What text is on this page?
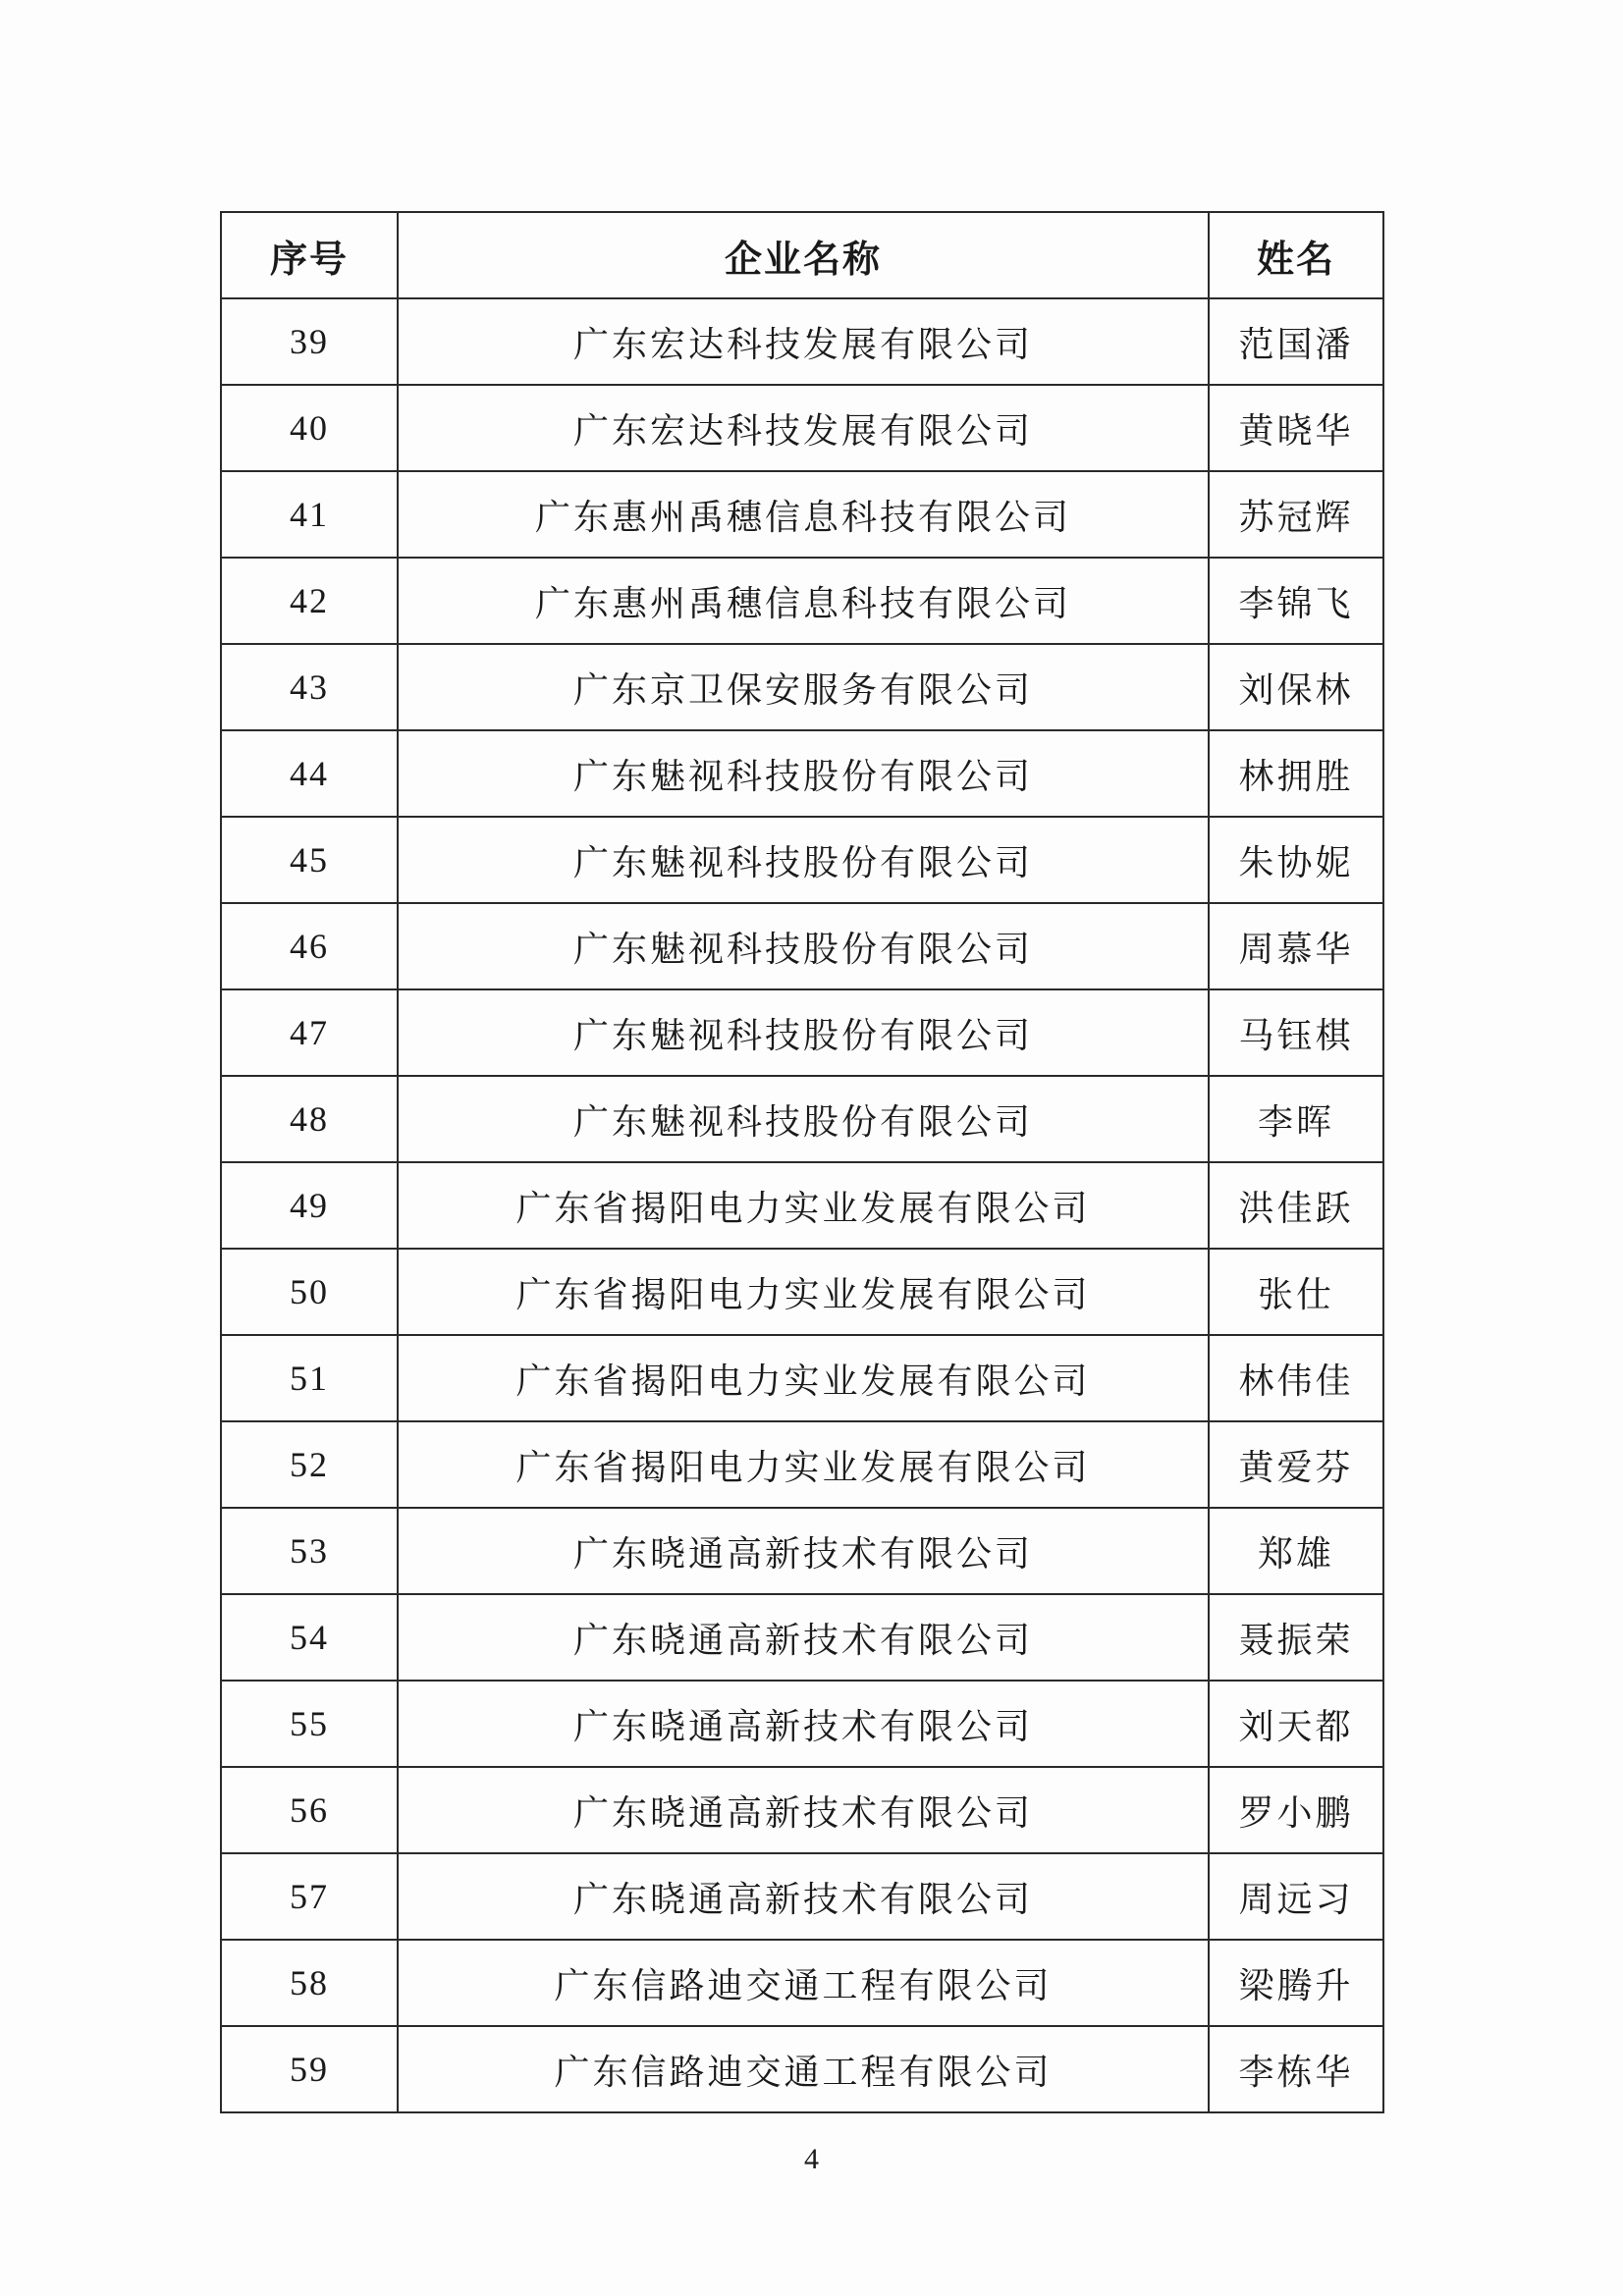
序号	企业名称	姓名
39	广东宏达科技发展有限公司	范国潘
40	广东宏达科技发展有限公司	黄晓华
41	广东惠州禹穗信息科技有限公司	苏冠辉
42	广东惠州禹穗信息科技有限公司	李锦飞
43	广东京卫保安服务有限公司	刘保林
44	广东魅视科技股份有限公司	林拥胜
45	广东魅视科技股份有限公司	朱协妮
46	广东魅视科技股份有限公司	周慕华
47	广东魅视科技股份有限公司	马钰棋
48	广东魅视科技股份有限公司	李晖
49	广东省揭阳电力实业发展有限公司	洪佳跃
50	广东省揭阳电力实业发展有限公司	张仕
51	广东省揭阳电力实业发展有限公司	林伟佳
52	广东省揭阳电力实业发展有限公司	黄爱芬
53	广东晓通高新技术有限公司	郑雄
54	广东晓通高新技术有限公司	聂振荣
55	广东晓通高新技术有限公司	刘天都
56	广东晓通高新技术有限公司	罗小鹏
57	广东晓通高新技术有限公司	周远习
58	广东信路迪交通工程有限公司	梁腾升
59	广东信路迪交通工程有限公司	李栋华
4
